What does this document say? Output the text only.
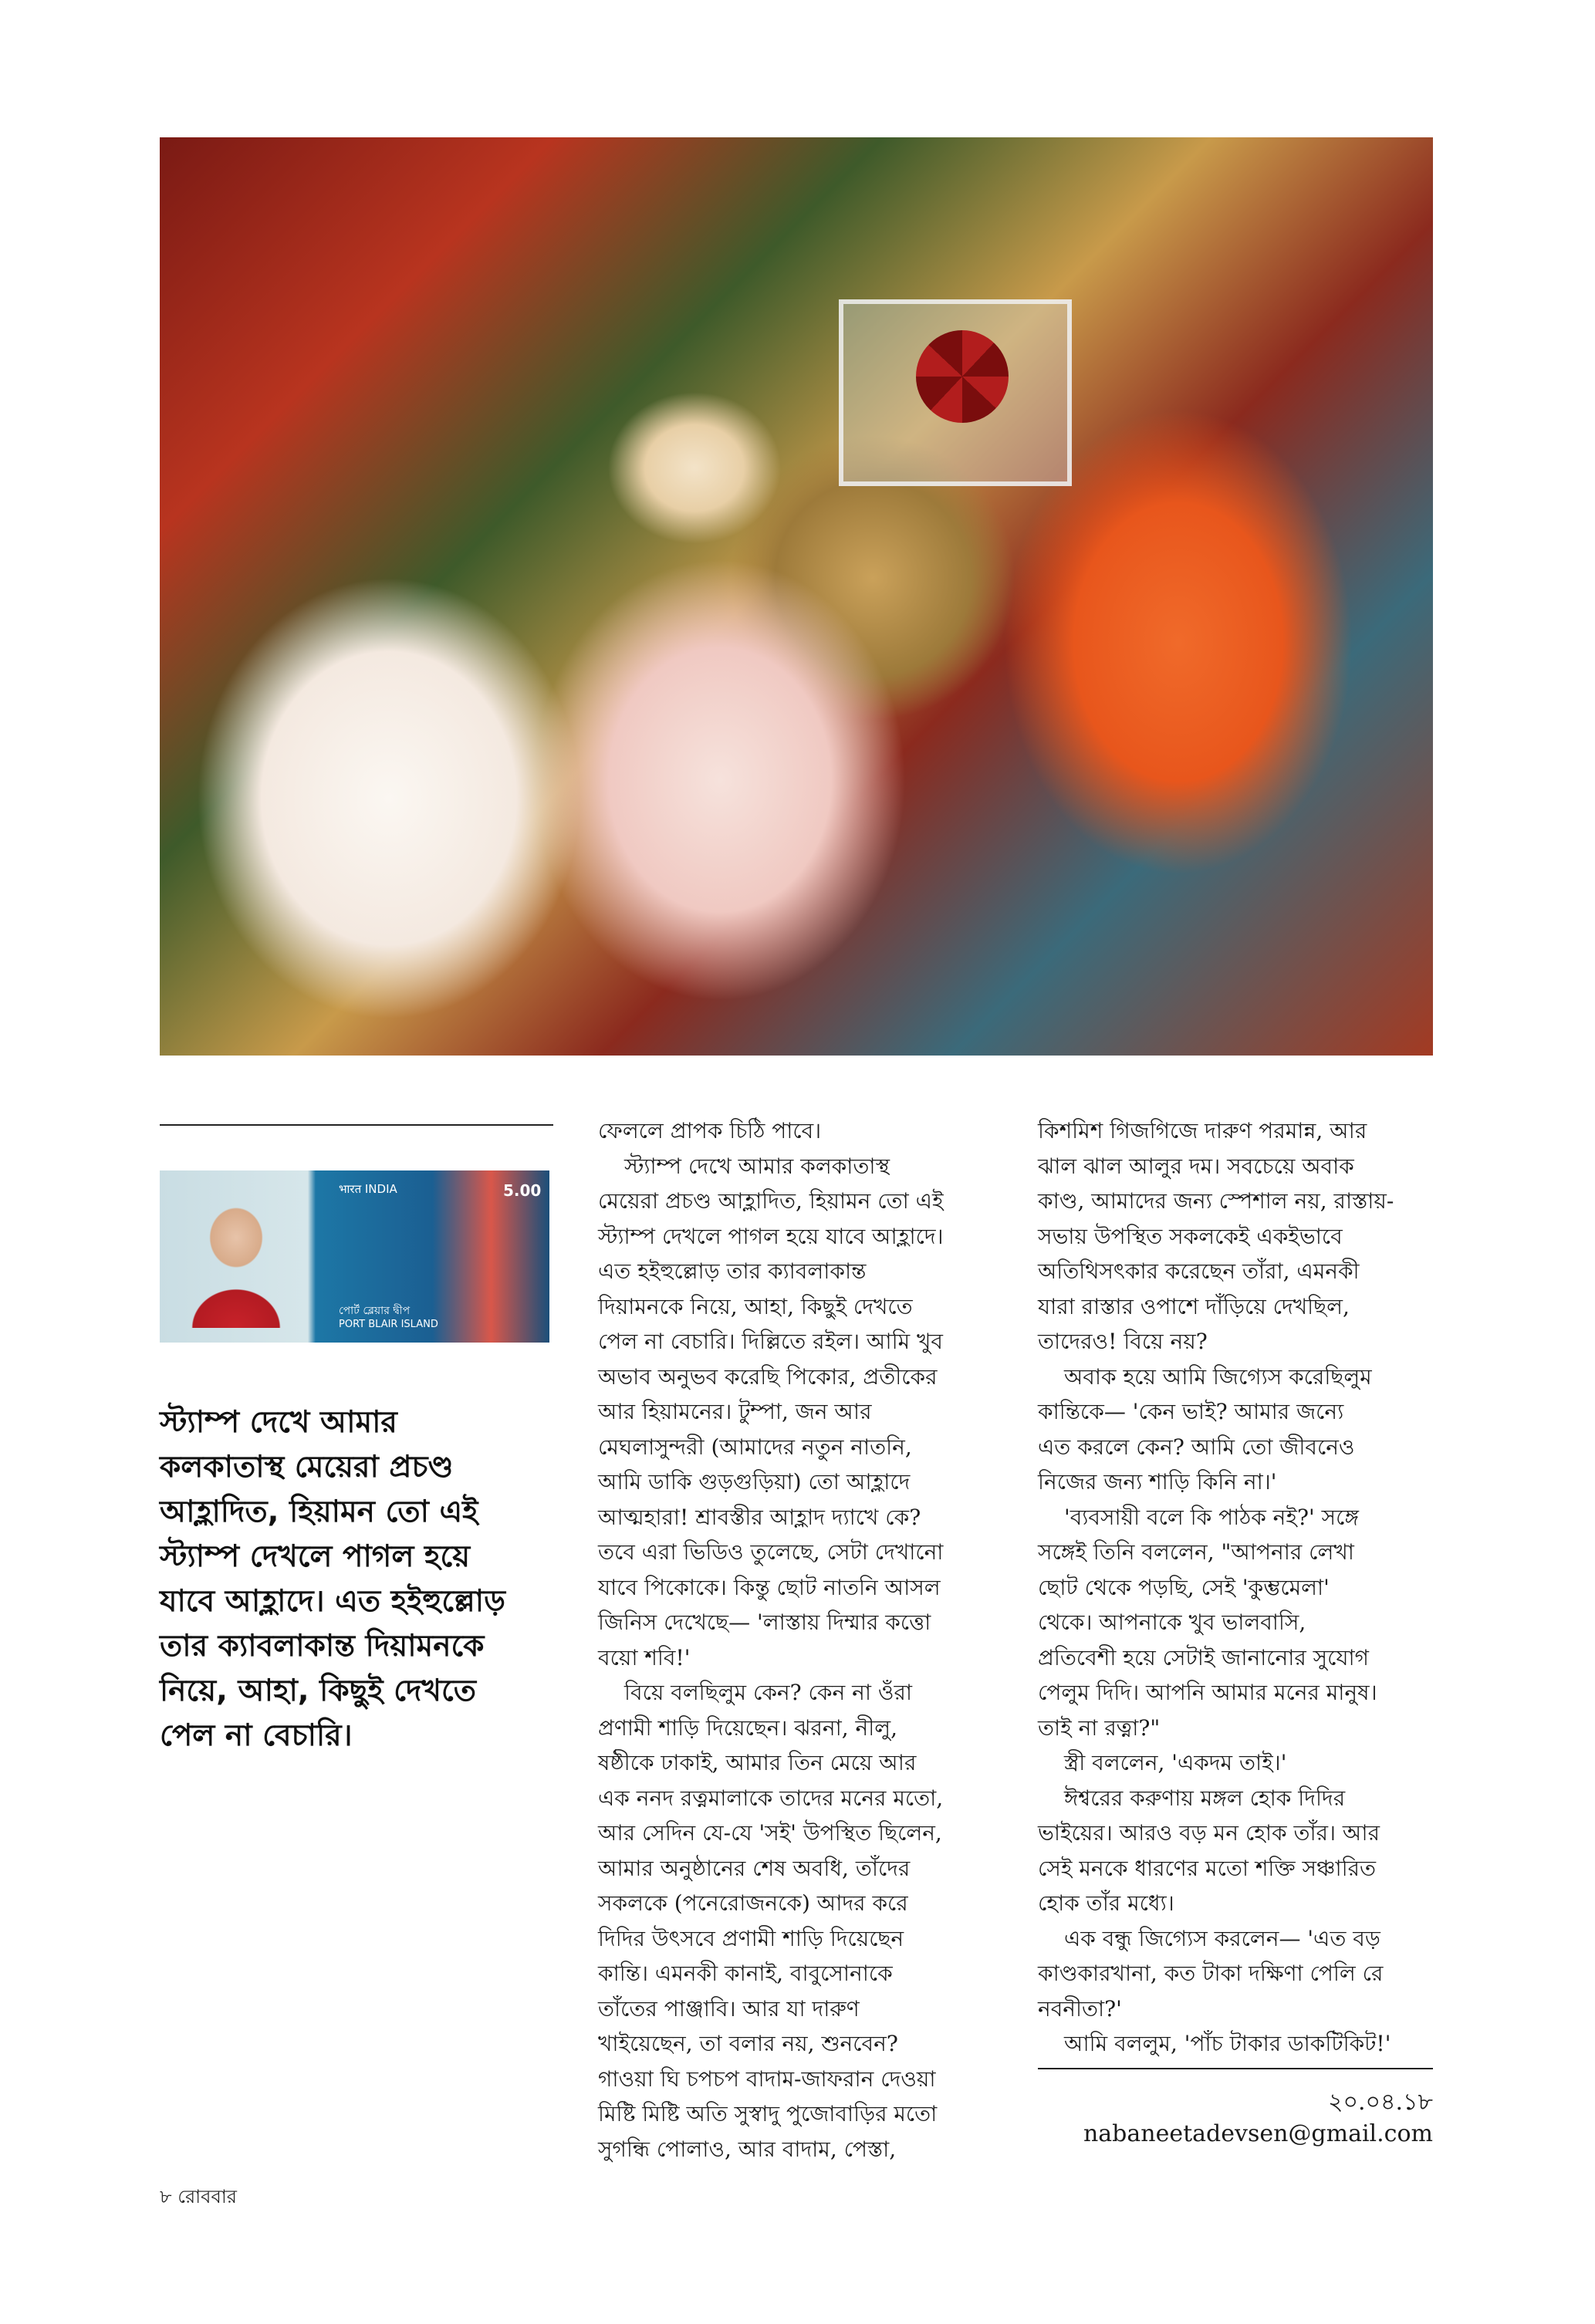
भारत INDIA	5.00
পোর্ট ব্লেয়ার দ্বীপ
PORT BLAIR ISLAND
স্ট্যাম্প দেখে আমার
কলকাতাস্থ মেয়েরা প্রচণ্ড
আহ্লাদিত, হিয়ামন তো এই
স্ট্যাম্প দেখলে পাগল হয়ে
যাবে আহ্লাদে। এত হইহুল্লোড়
তার ক্যাবলাকান্ত দিয়ামনকে
নিয়ে, আহা, কিছুই দেখতে
পেল না বেচারি।

ফেললে প্রাপক চিঠি পাবে।

স্ট্যাম্প দেখে আমার কলকাতাস্থ

মেয়েরা প্রচণ্ড আহ্লাদিত, হিয়ামন তো এই

স্ট্যাম্প দেখলে পাগল হয়ে যাবে আহ্লাদে।

এত হইহুল্লোড় তার ক্যাবলাকান্ত

দিয়ামনকে নিয়ে, আহা, কিছুই দেখতে

পেল না বেচারি। দিল্লিতে রইল। আমি খুব

অভাব অনুভব করেছি পিকোর, প্রতীকের

আর হিয়ামনের। টুম্পা, জন আর

মেঘলাসুন্দরী (আমাদের নতুন নাতনি,

আমি ডাকি গুড়গুড়িয়া) তো আহ্লাদে

আত্মহারা! শ্রাবস্তীর আহ্লাদ দ্যাখে কে?

তবে এরা ভিডিও তুলেছে, সেটা দেখানো

যাবে পিকোকে। কিন্তু ছোট নাতনি আসল

জিনিস দেখেছে— 'লাস্তায় দিম্মার কত্তো

বয়ো শবি!'

বিয়ে বলছিলুম কেন? কেন না ওঁরা

প্রণামী শাড়ি দিয়েছেন। ঝরনা, নীলু,

ষষ্ঠীকে ঢাকাই, আমার তিন মেয়ে আর

এক ননদ রত্নমালাকে তাদের মনের মতো,

আর সেদিন যে-যে 'সই' উপস্থিত ছিলেন,

আমার অনুষ্ঠানের শেষ অবধি, তাঁদের

সকলকে (পনেরোজনকে) আদর করে

দিদির উৎসবে প্রণামী শাড়ি দিয়েছেন

কান্তি। এমনকী কানাই, বাবুসোনাকে

তাঁতের পাঞ্জাবি। আর যা দারুণ

খাইয়েছেন, তা বলার নয়, শুনবেন?

গাওয়া ঘি চপচপ বাদাম-জাফরান দেওয়া

মিষ্টি মিষ্টি অতি সুস্বাদু পুজোবাড়ির মতো

সুগন্ধি পোলাও, আর বাদাম, পেস্তা,

কিশমিশ গিজগিজে দারুণ পরমান্ন, আর

ঝাল ঝাল আলুর দম। সবচেয়ে অবাক

কাণ্ড, আমাদের জন্য স্পেশাল নয়, রাস্তায়-

সভায় উপস্থিত সকলকেই একইভাবে

অতিথিসৎকার করেছেন তাঁরা, এমনকী

যারা রাস্তার ওপাশে দাঁড়িয়ে দেখছিল,

তাদেরও! বিয়ে নয়?

অবাক হয়ে আমি জিগ্যেস করেছিলুম

কান্তিকে— 'কেন ভাই? আমার জন্যে

এত করলে কেন? আমি তো জীবনেও

নিজের জন্য শাড়ি কিনি না।'

'ব্যবসায়ী বলে কি পাঠক নই?' সঙ্গে

সঙ্গেই তিনি বললেন, "আপনার লেখা

ছোট থেকে পড়ছি, সেই 'কুম্ভমেলা'

থেকে। আপনাকে খুব ভালবাসি,

প্রতিবেশী হয়ে সেটাই জানানোর সুযোগ

পেলুম দিদি। আপনি আমার মনের মানুষ।

তাই না রত্না?"

স্ত্রী বললেন, 'একদম তাই।'

ঈশ্বরের করুণায় মঙ্গল হোক দিদির

ভাইয়ের। আরও বড় মন হোক তাঁর। আর

সেই মনকে ধারণের মতো শক্তি সঞ্চারিত

হোক তাঁর মধ্যে।

এক বন্ধু জিগ্যেস করলেন— 'এত বড়

কাণ্ডকারখানা, কত টাকা দক্ষিণা পেলি রে

নবনীতা?'

আমি বললুম, 'পাঁচ টাকার ডাকটিকিট!'

২০.০৪.১৮
nabaneetadevsen@gmail.com
৮ রোববার
